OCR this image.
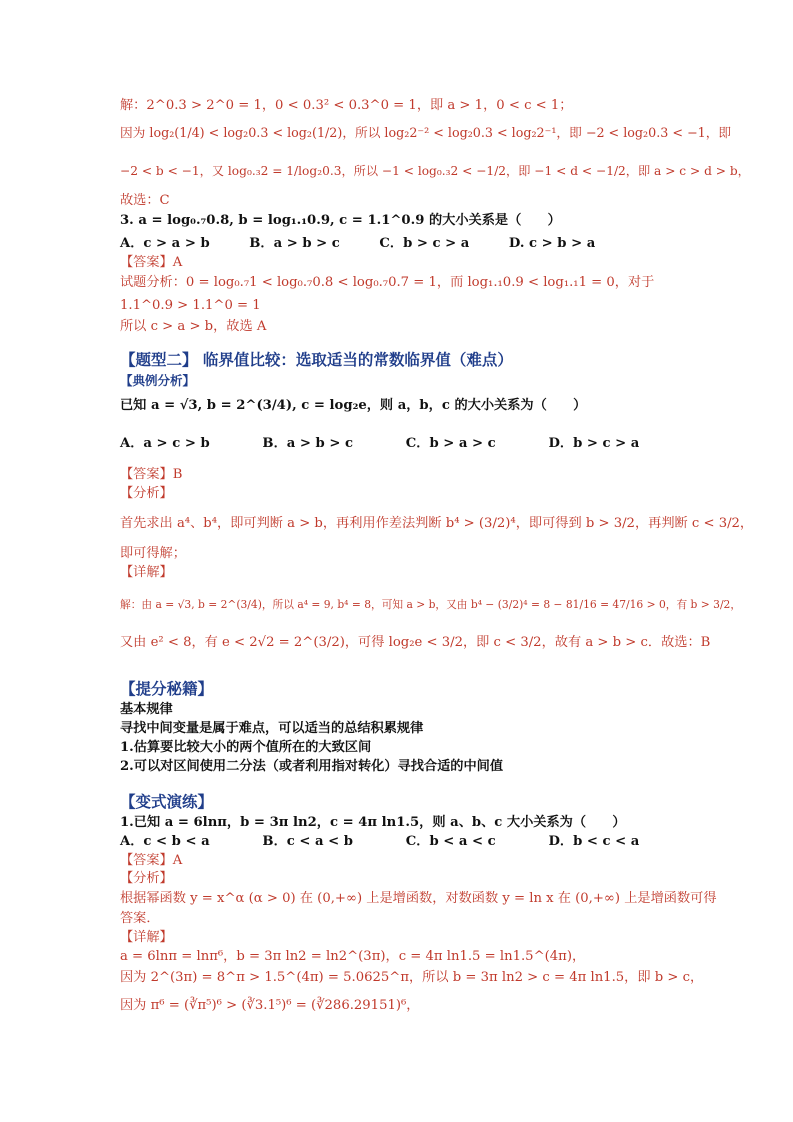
解：2^0.3 > 2^0 = 1，0 < 0.3² < 0.3^0 = 1，即 a > 1，0 < c < 1；
因为 log₂(1/4) < log₂0.3 < log₂(1/2)，所以 log₂2⁻² < log₂0.3 < log₂2⁻¹，即 −2 < log₂0.3 < −1，即
−2 < b < −1，又 log₀.₃2 = 1/log₂0.3，所以 −1 < log₀.₃2 < −1/2，即 −1 < d < −1/2，即 a > c > d > b，
故选：C
3. a = log₀.₇0.8, b = log₁.₁0.9, c = 1.1^0.9 的大小关系是（　　）
A．c > a > b　　　B．a > b > c　　　C．b > c > a　　　D. c > b > a
【答案】A
试题分析：0 = log₀.₇1 < log₀.₇0.8 < log₀.₇0.7 = 1，而 log₁.₁0.9 < log₁.₁1 = 0，对于
1.1^0.9 > 1.1^0 = 1
所以 c > a > b，故选 A
【题型二】 临界值比较：选取适当的常数临界值（难点）
【典例分析】
已知 a = √3, b = 2^(3/4), c = log₂e，则 a，b，c 的大小关系为（　　）
A．a > c > b　　　　B．a > b > c　　　　C．b > a > c　　　　D．b > c > a
【答案】B
【分析】
首先求出 a⁴、b⁴，即可判断 a > b，再利用作差法判断 b⁴ > (3/2)⁴，即可得到 b > 3/2，再判断 c < 3/2，
即可得解；
【详解】
解：由 a = √3, b = 2^(3/4)，所以 a⁴ = 9, b⁴ = 8，可知 a > b，又由 b⁴ − (3/2)⁴ = 8 − 81/16 = 47/16 > 0，有 b > 3/2，
又由 e² < 8，有 e < 2√2 = 2^(3/2)，可得 log₂e < 3/2，即 c < 3/2，故有 a > b > c．故选：B
【提分秘籍】
基本规律
寻找中间变量是属于难点，可以适当的总结积累规律
1.估算要比较大小的两个值所在的大致区间
2.可以对区间使用二分法（或者利用指对转化）寻找合适的中间值
【变式演练】
1.已知 a = 6lnπ，b = 3π ln2，c = 4π ln1.5，则 a、b、c 大小关系为（　　）
A．c < b < a　　　　B．c < a < b　　　　C．b < a < c　　　　D．b < c < a
【答案】A
【分析】
根据幂函数 y = x^α (α > 0) 在 (0,+∞) 上是增函数，对数函数 y = ln x 在 (0,+∞) 上是增函数可得
答案．
【详解】
a = 6lnπ = lnπ⁶，b = 3π ln2 = ln2^(3π)，c = 4π ln1.5 = ln1.5^(4π)，
因为 2^(3π) = 8^π > 1.5^(4π) = 5.0625^π，所以 b = 3π ln2 > c = 4π ln1.5，即 b > c，
因为 π⁶ = (∛π⁵)⁶ > (∛3.1⁵)⁶ = (∛286.29151)⁶，
